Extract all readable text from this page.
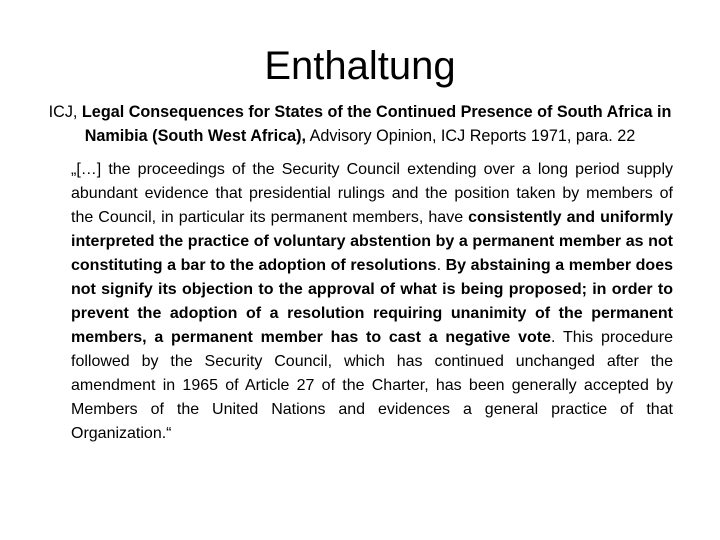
Enthaltung

ICJ, Legal Consequences for States of the Continued Presence of South Africa in Namibia (South West Africa), Advisory Opinion, ICJ Reports 1971, para. 22

„[…] the proceedings of the Security Council extending over a long period supply abundant evidence that presidential rulings and the position taken by members of the Council, in particular its permanent members, have consistently and uniformly interpreted the practice of voluntary abstention by a permanent member as not constituting a bar to the adoption of resolutions. By abstaining a member does not signify its objection to the approval of what is being proposed; in order to prevent the adoption of a resolution requiring unanimity of the permanent members, a permanent member has to cast a negative vote. This procedure followed by the Security Council, which has continued unchanged after the amendment in 1965 of Article 27 of the Charter, has been generally accepted by Members of the United Nations and evidences a general practice of that Organization.“
